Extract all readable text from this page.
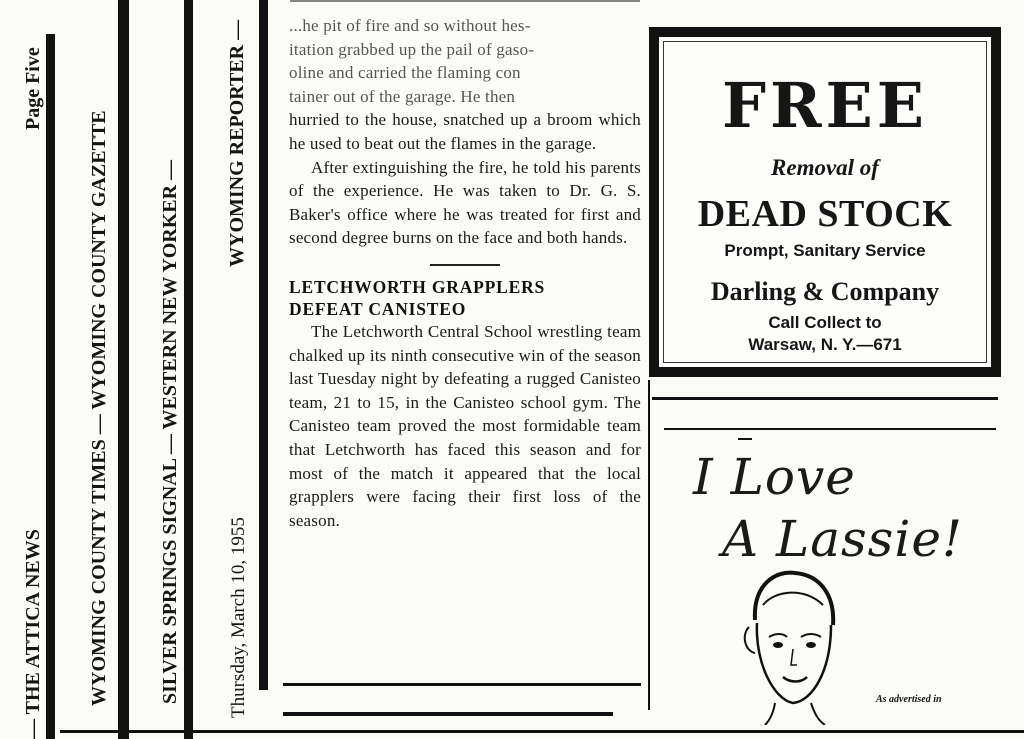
Page Five
— THE ATTICA NEWS WYOMING COUNTY TIMES — WYOMING COUNTY GAZETTE SILVER SPRINGS SIGNAL — WESTERN NEW YORKER —
WYOMING REPORTER —
Thursday, March 10, 1955

...he pit of fire and so without hes-

itation grabbed up the pail of gaso-

oline and carried the flaming con

tainer out of the garage. He then

hurried to the house, snatched up a broom which he used to beat out the flames in the garage.

After extinguishing the fire, he told his parents of the experience. He was taken to Dr. G. S. Baker's office where he was treated for first and second degree burns on the face and both hands.

LETCHWORTH GRAPPLERS

DEFEAT CANISTEO

The Letchworth Central School wrestling team chalked up its ninth consecutive win of the season last Tuesday night by defeating a rugged Canisteo team, 21 to 15, in the Canisteo school gym. The Canisteo team proved the most formidable team that Letchworth has faced this season and for most of the match it appeared that the local grapplers were facing their first loss of the season.

FREE
Removal of
DEAD STOCK
Prompt, Sanitary Service
Darling & Company
Call Collect to
Warsaw, N. Y.—671
I Love
A Lassie!
As advertised in
